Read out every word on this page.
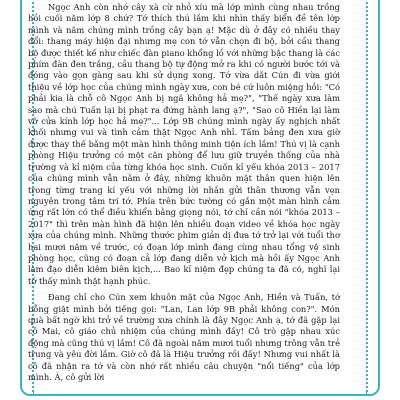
Ngọc Anh còn nhớ cây xà cừ nhỏ xíu mà lớp mình cùng nhau trồng hồi cuối năm lớp 8 chứ? Tớ thích thú lắm khi nhìn thấy biển đề tên lớp mình và năm chúng mình trồng cây bạn ạ! Mặc dù ở đây có nhiều thay đổi: thang máy hiện đại nhưng mẹ con tớ vẫn chọn đi bộ, bởi cầu thang bộ được thiết kế như chiếc đàn piano khổng lồ với những bậc thang là các phím đàn đen trắng, cầu thang bộ tự động mở ra khi có người bước tới và đóng vào gọn gàng sau khi sử dụng xong. Tớ vừa dắt Cún đi vừa giới thiệu về lớp học của chúng mình ngày xưa, con bé cứ luôn miệng hỏi: "Có phải kia là chỗ cô Ngọc Anh bị ngã không hả mẹ?", "Thế ngày xưa làm sao mà chú Tuấn lại bị phạt ra đứng hành lang ạ?", "Sao cô Hiền lại làm vỡ cửa kính lớp học hả mẹ?"... Lớp 9B chúng mình ngày ấy nghịch nhất khối nhưng vui và tình cảm thật Ngọc Anh nhỉ. Tấm bảng đen xưa giờ được thay thế bằng một màn hình thông minh tiện ích lắm! Thú vị là cạnh phòng Hiệu trưởng có một căn phòng để lưu giữ truyền thống của nhà trường và kỉ niệm của từng khóa học sinh. Cuốn kỉ yếu khóa 2013 – 2017 của chúng mình vẫn nằm ở đây, những khuôn mặt thân quen hiện lên trong từng trang kí yếu với những lời nhắn gửi thân thương vẫn vẹn nguyên trong tâm trí tớ. Phía trên bức tường có gắn một màn hình cảm ứng rất lớn có thể điều khiển bằng giọng nói, tớ chỉ cần nói "khóa 2013 – 2017" thì trên màn hình đã hiện lên nhiều đoạn video về khóa học ngày xưa của chúng mình. Những thước phim giản dị đưa tớ trở lại với tuổi thơ hai mươi năm về trước, có đoạn lớp mình đang cùng nhau tổng vệ sinh phòng học, cũng có đoạn cả lớp đang diễn vở kịch mà hồi ấy Ngọc Anh làm đạo diễn kiêm biên kịch,... Bao kỉ niệm đẹp chúng ta đã có, nghĩ lại tớ thấy mình thật hạnh phúc.

Đang chỉ cho Cún xem khuôn mặt của Ngọc Anh, Hiền và Tuấn, tớ bỗng giật mình bởi tiếng gọi: "Lan, Lan lớp 9B phải không con?". Món quà bất ngờ khi trở về trường xưa chính là đây Ngọc Anh ạ, tớ đã gặp lại cô Mai, cô giáo chủ nhiệm của chúng mình đấy! Cô trò gặp nhau xúc động mà cũng thú vị lắm! Cô đã ngoài năm mươi tuổi nhưng trông vẫn trẻ trung và yêu đời lắm. Giờ cô đã là Hiệu trưởng rồi đấy! Nhưng vui nhất là cô đã nhận ra tớ và còn nhớ rất nhiều câu chuyện "nổi tiếng" của lớp mình. À, cô gửi lời
